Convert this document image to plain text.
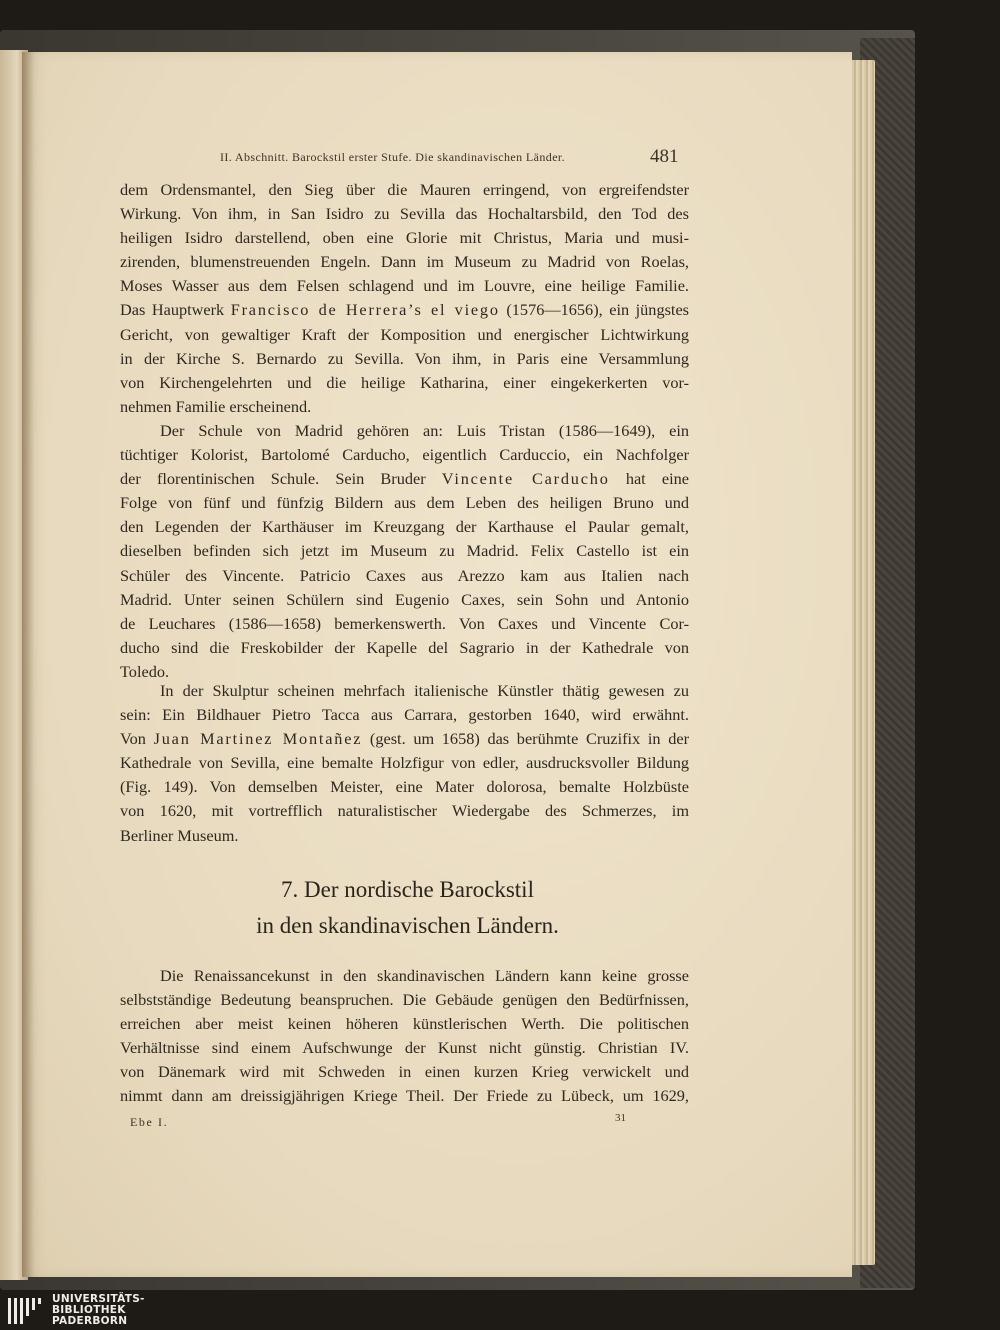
II. Abschnitt. Barockstil erster Stufe. Die skandinavischen Länder.	481
dem Ordensmantel, den Sieg über die Mauren erringend, von ergreifendster
Wirkung. Von ihm, in San Isidro zu Sevilla das Hochaltarsbild, den Tod des
heiligen Isidro darstellend, oben eine Glorie mit Christus, Maria und musi-
zirenden, blumenstreuenden Engeln. Dann im Museum zu Madrid von Roelas,
Moses Wasser aus dem Felsen schlagend und im Louvre, eine heilige Familie.
Das Hauptwerk Francisco de Herrera’s el viego (1576—1656), ein jüngstes
Gericht, von gewaltiger Kraft der Komposition und energischer Lichtwirkung
in der Kirche S. Bernardo zu Sevilla. Von ihm, in Paris eine Versammlung
von Kirchengelehrten und die heilige Katharina, einer eingekerkerten vor-
nehmen Familie erscheinend.
Der Schule von Madrid gehören an: Luis Tristan (1586—1649), ein
tüchtiger Kolorist, Bartolomé Carducho, eigentlich Carduccio, ein Nachfolger
der florentinischen Schule. Sein Bruder Vincente Carducho hat eine
Folge von fünf und fünfzig Bildern aus dem Leben des heiligen Bruno und
den Legenden der Karthäuser im Kreuzgang der Karthause el Paular gemalt,
dieselben befinden sich jetzt im Museum zu Madrid. Felix Castello ist ein
Schüler des Vincente. Patricio Caxes aus Arezzo kam aus Italien nach
Madrid. Unter seinen Schülern sind Eugenio Caxes, sein Sohn und Antonio
de Leuchares (1586—1658) bemerkenswerth. Von Caxes und Vincente Cor-
ducho sind die Freskobilder der Kapelle del Sagrario in der Kathedrale von
Toledo.
In der Skulptur scheinen mehrfach italienische Künstler thätig gewesen zu
sein: Ein Bildhauer Pietro Tacca aus Carrara, gestorben 1640, wird erwähnt.
Von Juan Martinez Montañez (gest. um 1658) das berühmte Cruzifix in der
Kathedrale von Sevilla, eine bemalte Holzfigur von edler, ausdrucksvoller Bildung
(Fig. 149). Von demselben Meister, eine Mater dolorosa, bemalte Holzbüste
von 1620, mit vortrefflich naturalistischer Wiedergabe des Schmerzes, im
Berliner Museum.
7. Der nordische Barockstil
in den skandinavischen Ländern.
Die Renaissancekunst in den skandinavischen Ländern kann keine grosse
selbstständige Bedeutung beanspruchen. Die Gebäude genügen den Bedürfnissen,
erreichen aber meist keinen höheren künstlerischen Werth. Die politischen
Verhältnisse sind einem Aufschwunge der Kunst nicht günstig. Christian IV.
von Dänemark wird mit Schweden in einen kurzen Krieg verwickelt und
nimmt dann am dreissigjährigen Kriege Theil. Der Friede zu Lübeck, um 1629,
Ebe I.	31
UNIVERSITÄTS-
BIBLIOTHEK
PADERBORN
